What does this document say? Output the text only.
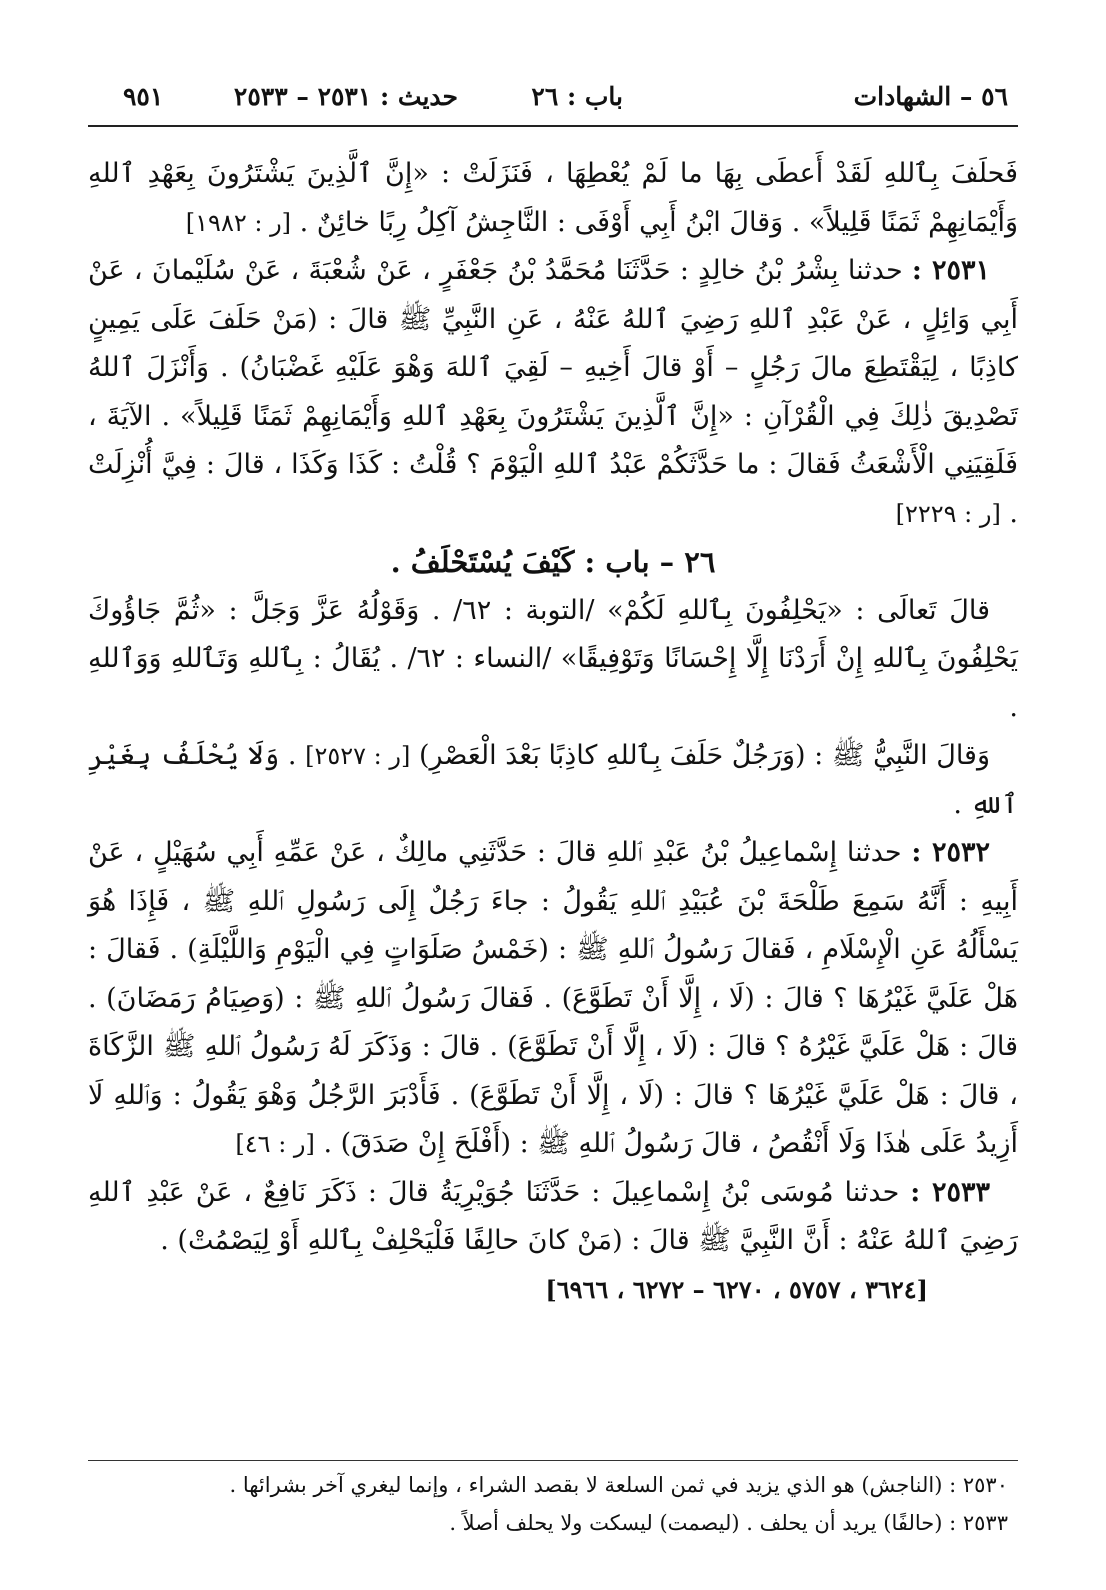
٥٦ – الشهادات
باب : ٢٦
حديث : ٢٥٣١ – ٢٥٣٣
٩٥١

فَحلَفَ بِٱللهِ لَقَدْ أَعطَى بِهَا ما لَمْ يُعْطِهَا ، فَنَزَلَتْ : «إِنَّ ٱلَّذِينَ يَشْتَرُونَ بِعَهْدِ ٱللهِ وَأَيْمَانِهِمْ ثَمَنًا قَلِيلاً» . وَقالَ ابْنُ أَبِي أَوْفَى : النَّاجِشُ آكِلُ رِبًا خائِنٌ . [ر : ١٩٨٢]

٢٥٣١ : حدثنا بِشْرُ بْنُ خالِدٍ : حَدَّثَنَا مُحَمَّدُ بْنُ جَعْفَرٍ ، عَنْ شُعْبَةَ ، عَنْ سُلَيْمانَ ، عَنْ أَبِي وَائِلٍ ، عَنْ عَبْدِ ٱللهِ رَضِيَ ٱللهُ عَنْهُ ، عَنِ النَّبِيِّ ﷺ قالَ : (مَنْ حَلَفَ عَلَى يَمِينٍ كاذِبًا ، لِيَقْتَطِعَ مالَ رَجُلٍ – أَوْ قالَ أَخِيهِ – لَقِيَ ٱللهَ وَهْوَ عَلَيْهِ غَضْبَانُ) . وَأَنْزَلَ ٱللهُ تَصْدِيقَ ذٰلِكَ فِي الْقُرْآنِ : «إِنَّ ٱلَّذِينَ يَشْتَرُونَ بِعَهْدِ ٱللهِ وَأَيْمَانِهِمْ ثَمَنًا قَلِيلاً» . الآيَةَ ، فَلَقِيَنِي الْأَشْعَثُ فَقالَ : ما حَدَّثَكُمْ عَبْدُ ٱللهِ الْيَوْمَ ؟ قُلْتُ : كَذَا وَكَذَا ، قالَ : فِيَّ أُنْزِلَتْ . [ر : ٢٢٢٩]

٢٦ – باب : كَيْفَ يُسْتَحْلَفُ .

قالَ تَعالَى : «يَحْلِفُونَ بِٱللهِ لَكُمْ» /التوبة : ٦٢/ . وَقَوْلُهُ عَزَّ وَجَلَّ : «ثُمَّ جَاؤُوكَ يَحْلِفُونَ بِٱللهِ إِنْ أَرَدْنَا إِلَّا إِحْسَانًا وَتَوْفِيقًا» /النساء : ٦٢/ . يُقَالُ : بِٱللهِ وَتَٱللهِ وَوَٱللهِ .

وَقالَ النَّبِيُّ ﷺ : (وَرَجُلٌ حَلَفَ بِٱللهِ كاذِبًا بَعْدَ الْعَصْرِ) [ر : ٢٥٢٧] . وَلَا يُحْلَفُ بِغَيْرِ ٱللهِ .

٢٥٣٢ : حدثنا إِسْماعِيلُ بْنُ عَبْدِ ٱللهِ قالَ : حَدَّثَنِي مالِكٌ ، عَنْ عَمِّهِ أَبِي سُهَيْلٍ ، عَنْ أَبِيهِ : أَنَّهُ سَمِعَ طَلْحَةَ بْنَ عُبَيْدِ ٱللهِ يَقُولُ : جاءَ رَجُلٌ إِلَى رَسُولِ ٱللهِ ﷺ ، فَإِذَا هُوَ يَسْأَلُهُ عَنِ الْإِسْلَامِ ، فَقالَ رَسُولُ ٱللهِ ﷺ : (خَمْسُ صَلَوَاتٍ فِي الْيَوْمِ وَاللَّيْلَةِ) . فَقالَ : هَلْ عَلَيَّ غَيْرُهَا ؟ قالَ : (لَا ، إِلَّا أَنْ تَطَوَّعَ) . فَقالَ رَسُولُ ٱللهِ ﷺ : (وَصِيَامُ رَمَضَانَ) . قالَ : هَلْ عَلَيَّ غَيْرُهُ ؟ قالَ : (لَا ، إِلَّا أَنْ تَطَوَّعَ) . قالَ : وَذَكَرَ لَهُ رَسُولُ ٱللهِ ﷺ الزَّكَاةَ ، قالَ : هَلْ عَلَيَّ غَيْرُهَا ؟ قالَ : (لَا ، إِلَّا أَنْ تَطَوَّعَ) . فَأَدْبَرَ الرَّجُلُ وَهْوَ يَقُولُ : وَٱللهِ لَا أَزِيدُ عَلَى هٰذَا وَلَا أَنْقُصُ ، قالَ رَسُولُ ٱللهِ ﷺ : (أَفْلَحَ إِنْ صَدَقَ) . [ر : ٤٦]

٢٥٣٣ : حدثنا مُوسَى بْنُ إِسْماعِيلَ : حَدَّثَنَا جُوَيْرِيَةُ قالَ : ذَكَرَ نَافِعٌ ، عَنْ عَبْدِ ٱللهِ رَضِيَ ٱللهُ عَنْهُ : أَنَّ النَّبِيَّ ﷺ قالَ : (مَنْ كانَ حالِفًا فَلْيَحْلِفْ بِٱللهِ أَوْ لِيَصْمُتْ) .

[٣٦٢٤ ، ٥٧٥٧ ، ٦٢٧٠ – ٦٢٧٢ ، ٦٩٦٦]

٢٥٣٠ : (الناجش) هو الذي يزيد في ثمن السلعة لا بقصد الشراء ، وإنما ليغري آخر بشرائها .

٢٥٣٣ : (حالفًا) يريد أن يحلف . (ليصمت) ليسكت ولا يحلف أصلاً .
